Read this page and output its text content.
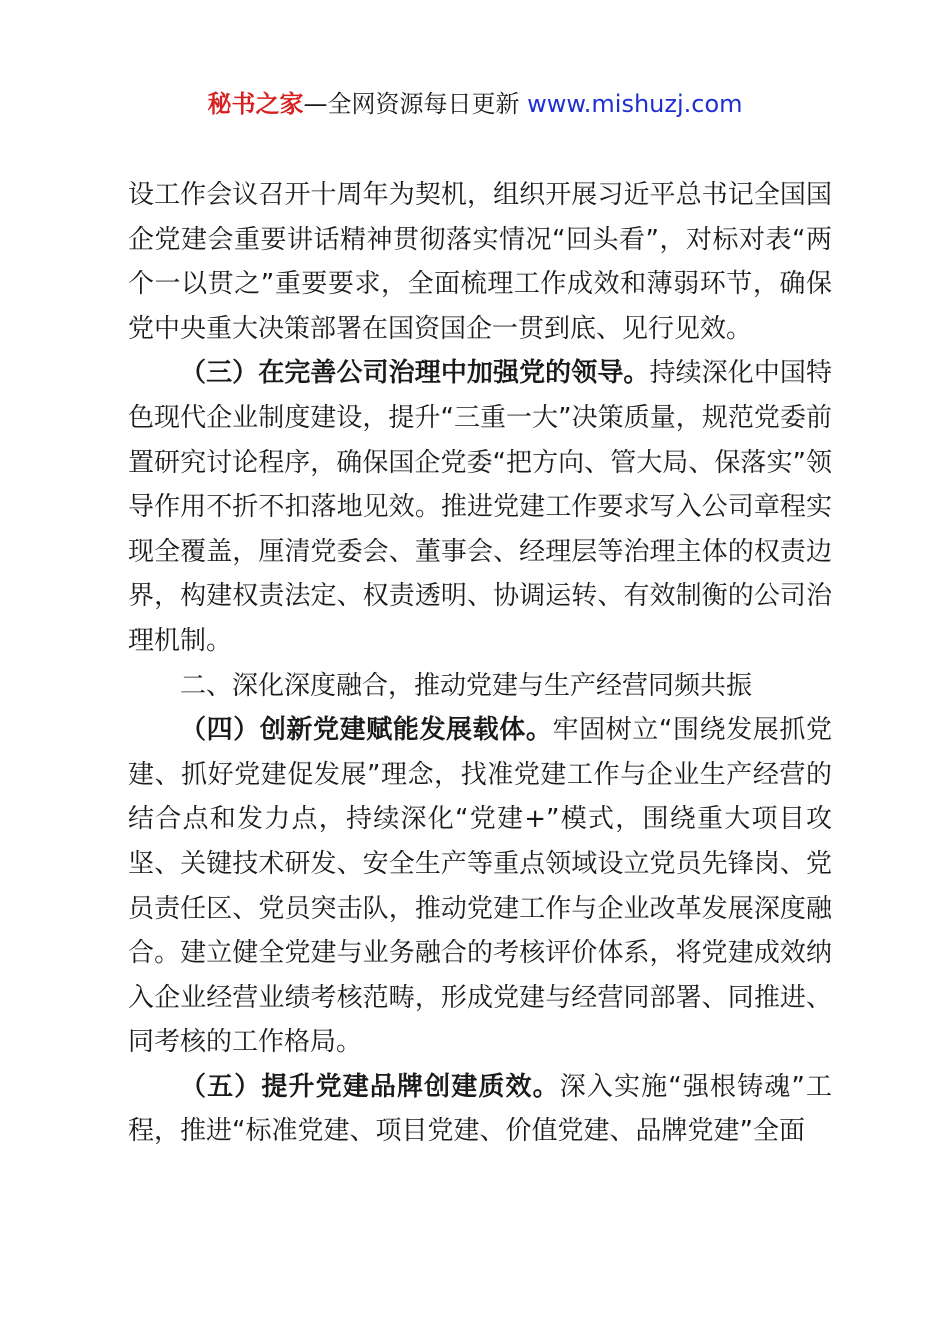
秘书之家—全网资源每日更新 www.mishuzj.com

设工作会议召开十周年为契机，组织开展习近平总书记全国国企党建会重要讲话精神贯彻落实情况“回头看”，对标对表“两个一以贯之”重要要求，全面梳理工作成效和薄弱环节，确保党中央重大决策部署在国资国企一贯到底、见行见效。

（三）在完善公司治理中加强党的领导。持续深化中国特色现代企业制度建设，提升“三重一大”决策质量，规范党委前置研究讨论程序，确保国企党委“把方向、管大局、保落实”领导作用不折不扣落地见效。推进党建工作要求写入公司章程实现全覆盖，厘清党委会、董事会、经理层等治理主体的权责边界，构建权责法定、权责透明、协调运转、有效制衡的公司治理机制。

二、深化深度融合，推动党建与生产经营同频共振

（四）创新党建赋能发展载体。牢固树立“围绕发展抓党建、抓好党建促发展”理念，找准党建工作与企业生产经营的结合点和发力点，持续深化“党建+”模式，围绕重大项目攻坚、关键技术研发、安全生产等重点领域设立党员先锋岗、党员责任区、党员突击队，推动党建工作与企业改革发展深度融合。建立健全党建与业务融合的考核评价体系，将党建成效纳入企业经营业绩考核范畴，形成党建与经营同部署、同推进、同考核的工作格局。

（五）提升党建品牌创建质效。深入实施“强根铸魂”工程，推进“标准党建、项目党建、价值党建、品牌党建”全面
